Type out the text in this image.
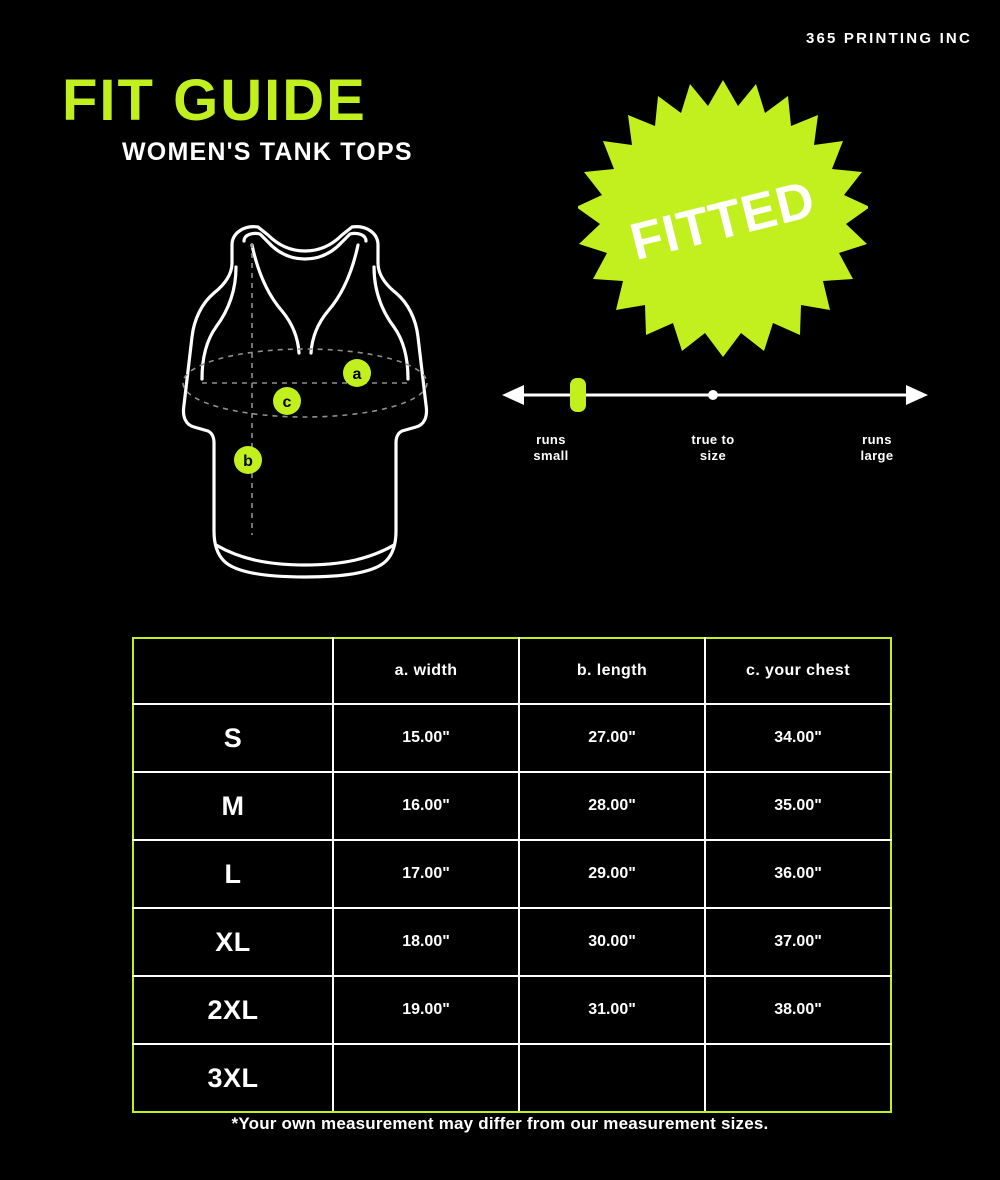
365 PRINTING INC
FIT GUIDE
WOMEN'S TANK TOPS
FITTED
a
c
b
runs
small
true to
size
runs
large
	a. width	b. length	c. your chest
S	15.00"	27.00"	34.00"
M	16.00"	28.00"	35.00"
L	17.00"	29.00"	36.00"
XL	18.00"	30.00"	37.00"
2XL	19.00"	31.00"	38.00"
3XL			
*Your own measurement may differ from our measurement sizes.
